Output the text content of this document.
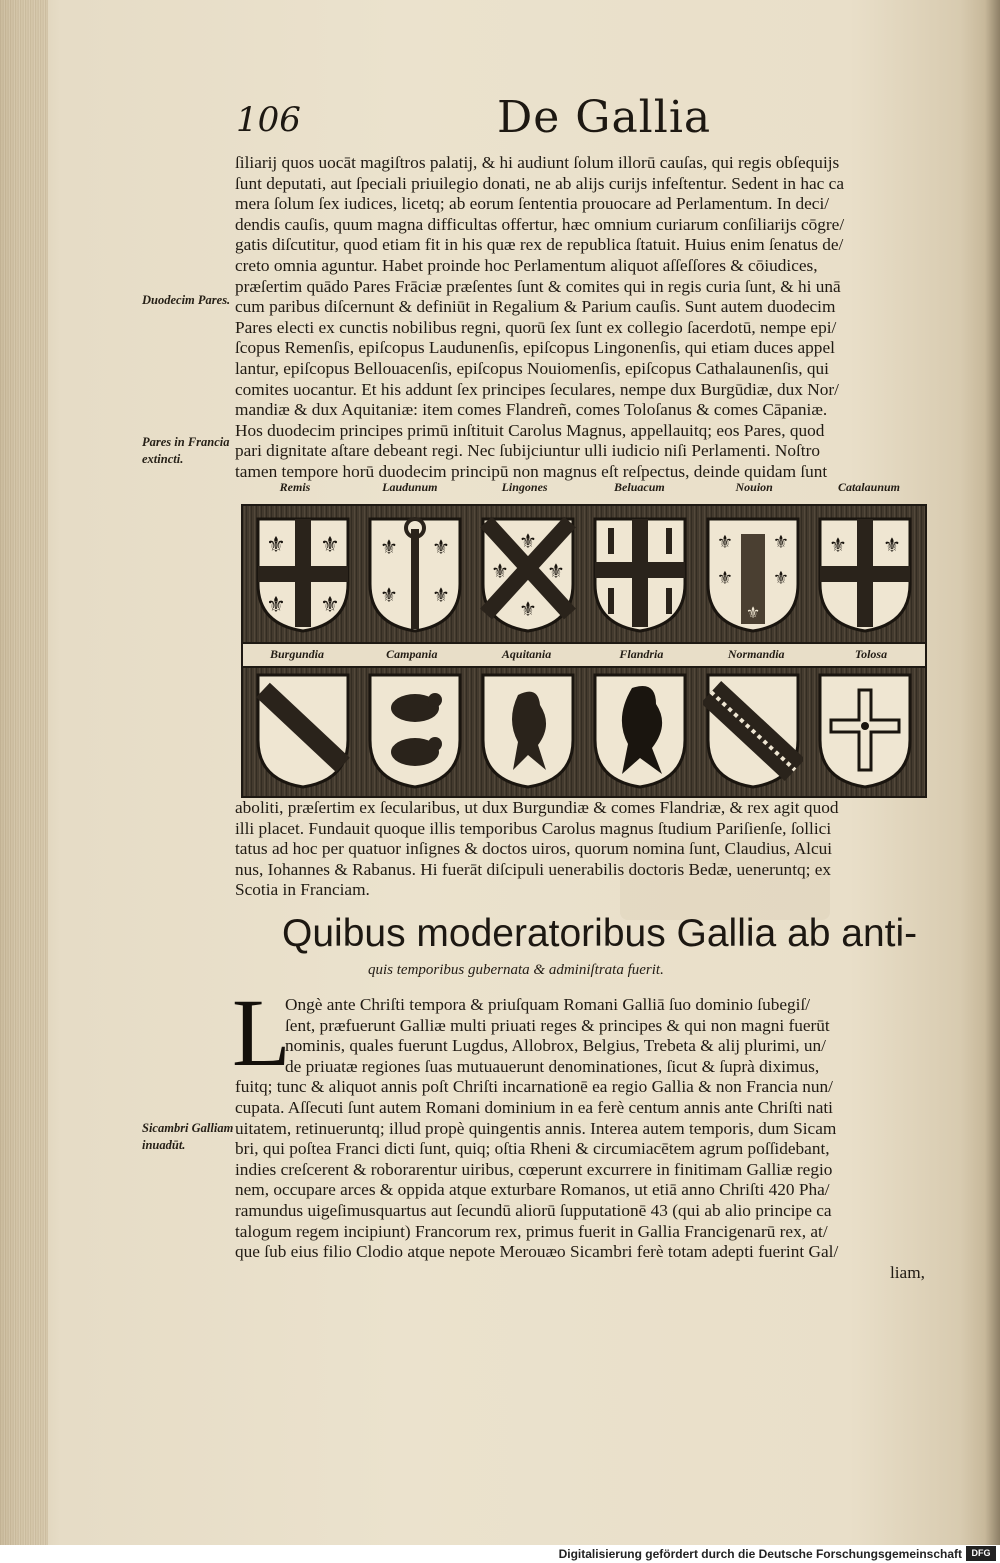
106	De Gallia
Duodecim Pares.
Pares in Francia extincti.
Sicambri Galliam inuadūt.
ſiliarij quos uocāt magiſtros palatij, & hi audiunt ſolum illorū cauſas, qui regis obſequijs
ſunt deputati, aut ſpeciali priuilegio donati, ne ab alijs curijs infeſtentur. Sedent in hac ca
mera ſolum ſex iudices, licetq; ab eorum ſententia prouocare ad Perlamentum. In deci/
dendis cauſis, quum magna difficultas offertur, hæc omnium curiarum conſiliarijs cōgre/
gatis diſcutitur, quod etiam fit in his quæ rex de republica ſtatuit. Huius enim ſenatus de/
creto omnia aguntur. Habet proinde hoc Perlamentum aliquot aſſeſſores & cōiudices,
præſertim quādo Pares Frāciæ præſentes ſunt & comites qui in regis curia ſunt, & hi unā
cum paribus diſcernunt & definiūt in Regalium & Parium cauſis. Sunt autem duodecim
Pares electi ex cunctis nobilibus regni, quorū ſex ſunt ex collegio ſacerdotū, nempe epi/
ſcopus Remenſis, epiſcopus Laudunenſis, epiſcopus Lingonenſis, qui etiam duces appel
lantur, epiſcopus Bellouacenſis, epiſcopus Nouiomenſis, epiſcopus Cathalaunenſis, qui
comites uocantur. Et his addunt ſex principes ſeculares, nempe dux Burgūdiæ, dux Nor/
mandiæ & dux Aquitaniæ: item comes Flandreñ, comes Toloſanus & comes Cāpaniæ.
Hos duodecim principes primū inſtituit Carolus Magnus, appellauitq; eos Pares, quod
pari dignitate aſtare debeant regi. Nec ſubijciuntur ulli iudicio niſi Perlamenti. Noſtro
tamen tempore horū duodecim principū non magnus eſt reſpectus, deinde quidam ſunt
Remis	Laudunum	Lingones	Beluacum	Nouion	Catalaunum
⚜ ⚜
⚜ ⚜
⚜ ⚜
⚜ ⚜
⚜
⚜ ⚜
⚜
⚜ ⚜
⚜ ⚜
⚜
⚜ ⚜
Burgundia	Campania	Aquitania	Flandria	Normandia	Tolosa
aboliti, præſertim ex ſecularibus, ut dux Burgundiæ & comes Flandriæ, & rex agit quod
illi placet. Fundauit quoque illis temporibus Carolus magnus ſtudium Pariſienſe, ſollici
tatus ad hoc per quatuor inſignes & doctos uiros, quorum nomina ſunt, Claudius, Alcui
nus, Iohannes & Rabanus. Hi fuerāt diſcipuli uenerabilis doctoris Bedæ, ueneruntq; ex
Scotia in Franciam.
Quibus moderatoribus Gallia ab anti-
quis temporibus gubernata & adminiſtrata fuerit.
L
Ongè ante Chriſti tempora & priuſquam Romani Galliā ſuo dominio ſubegiſ/
ſent, præfuerunt Galliæ multi priuati reges & principes & qui non magni fuerūt
nominis, quales fuerunt Lugdus, Allobrox, Belgius, Trebeta & alij plurimi, un/
de priuatæ regiones ſuas mutuauerunt denominationes, ſicut & ſuprà diximus,
fuitq; tunc & aliquot annis poſt Chriſti incarnationē ea regio Gallia & non Francia nun/
cupata. Aſſecuti ſunt autem Romani dominium in ea ferè centum annis ante Chriſti nati
uitatem, retinueruntq; illud propè quingentis annis. Interea autem temporis, dum Sicam
bri, qui poſtea Franci dicti ſunt, quiq; oſtia Rheni & circumiacētem agrum poſſidebant,
indies creſcerent & roborarentur uiribus, cœperunt excurrere in finitimam Galliæ regio
nem, occupare arces & oppida atque exturbare Romanos, ut etiā anno Chriſti 420 Pha/
ramundus uigeſimusquartus aut ſecundū aliorū ſupputationē 43 (qui ab alio principe ca
talogum regem incipiunt) Francorum rex, primus fuerit in Gallia Francigenarū rex, at/
que ſub eius filio Clodio atque nepote Merouæo Sicambri ferè totam adepti fuerint Gal/
liam,
Digitalisierung gefördert durch die Deutsche Forschungsgemeinschaft	DFG
